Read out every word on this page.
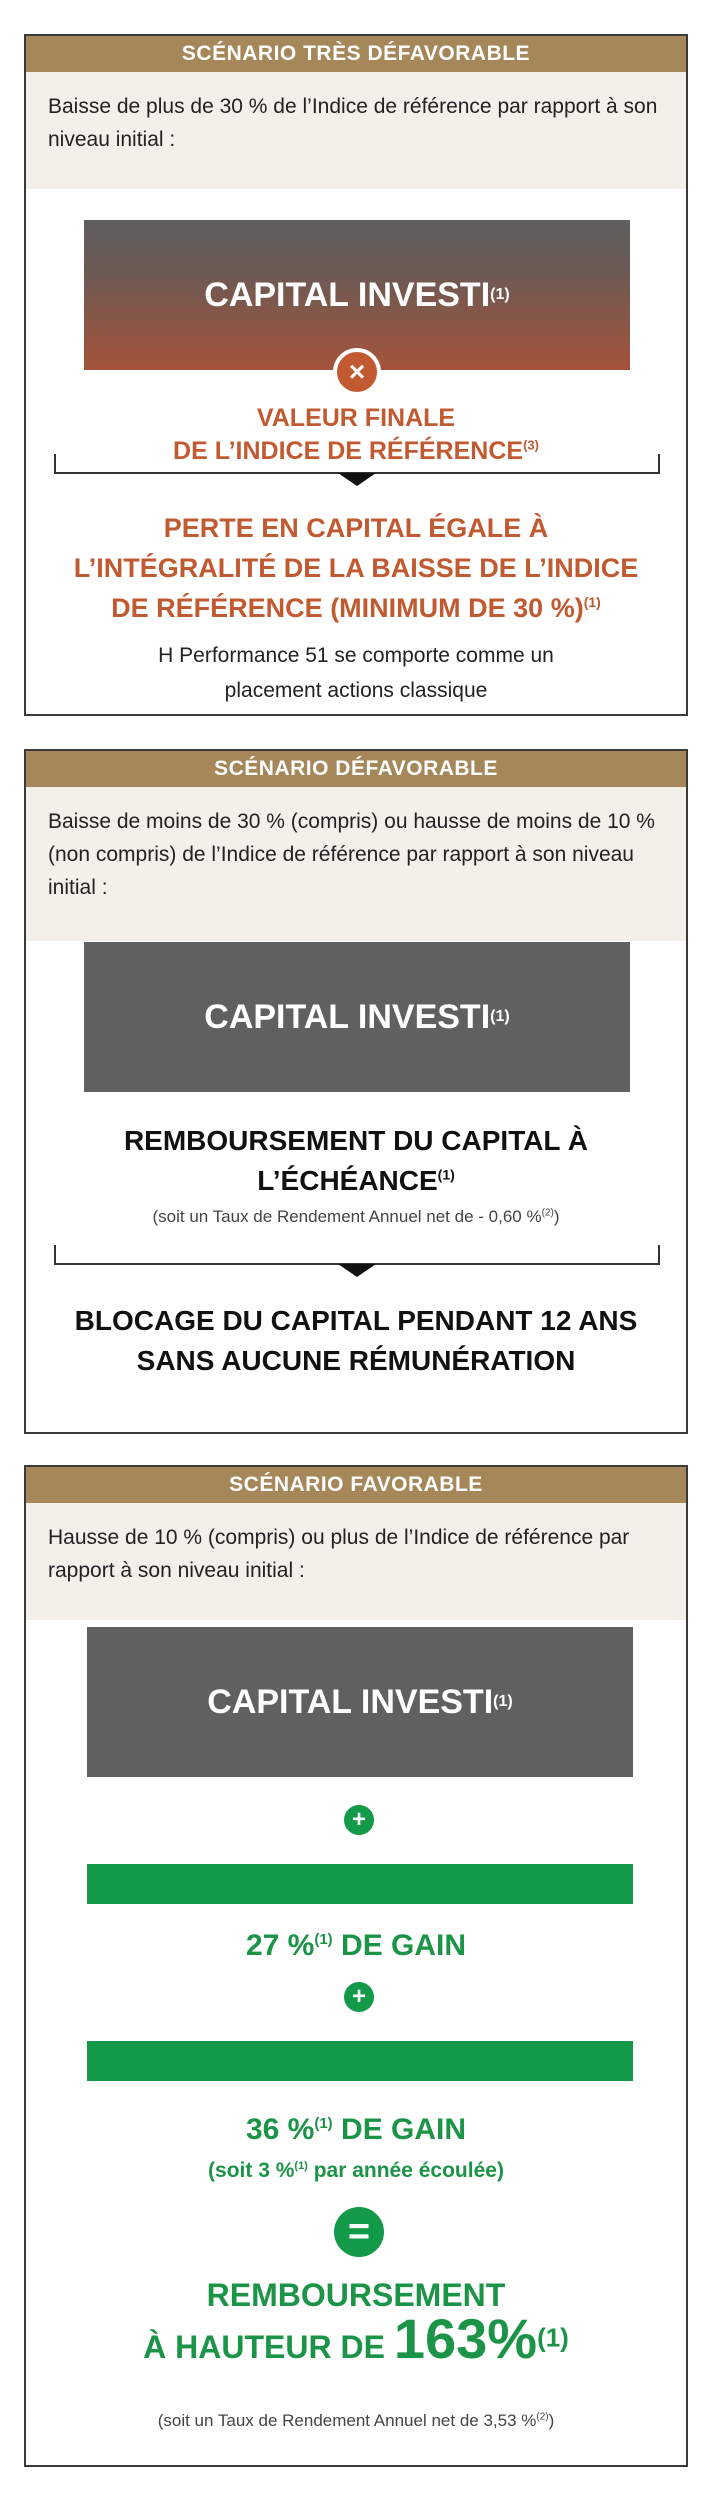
SCÉNARIO TRÈS DÉFAVORABLE
Baisse de plus de 30 % de l’Indice de référence par rapport à son niveau initial :
CAPITAL INVESTI (1)
×
VALEUR FINALE
DE L’INDICE DE RÉFÉRENCE$^{(3)}$
PERTE EN CAPITAL ÉGALE À
L’INTÉGRALITÉ DE LA BAISSE DE L’INDICE
DE RÉFÉRENCE (MINIMUM DE 30 %)$^{(1)}$
H Performance 51 se comporte comme un
placement actions classique
SCÉNARIO DÉFAVORABLE
Baisse de moins de 30 % (compris) ou hausse de moins de 10 % (non compris) de l’Indice de référence par rapport à son niveau initial :
CAPITAL INVESTI (1)
REMBOURSEMENT DU CAPITAL À
L’ÉCHÉANCE$^{(1)}$
(soit un Taux de Rendement Annuel net de - 0,60 %$^{(2)}$)
BLOCAGE DU CAPITAL PENDANT 12 ANS
SANS AUCUNE RÉMUNÉRATION
SCÉNARIO FAVORABLE
Hausse de 10 % (compris) ou plus de l’Indice de référence par rapport à son niveau initial :
CAPITAL INVESTI (1)
+
27 %$^{(1)}$ DE GAIN
+
36 %$^{(1)}$ DE GAIN
(soit 3 %$^{(1)}$ par année écoulée)
=
REMBOURSEMENT
À HAUTEUR DE 163%$^{(1)}$
(soit un Taux de Rendement Annuel net de 3,53 %$^{(2)}$)
